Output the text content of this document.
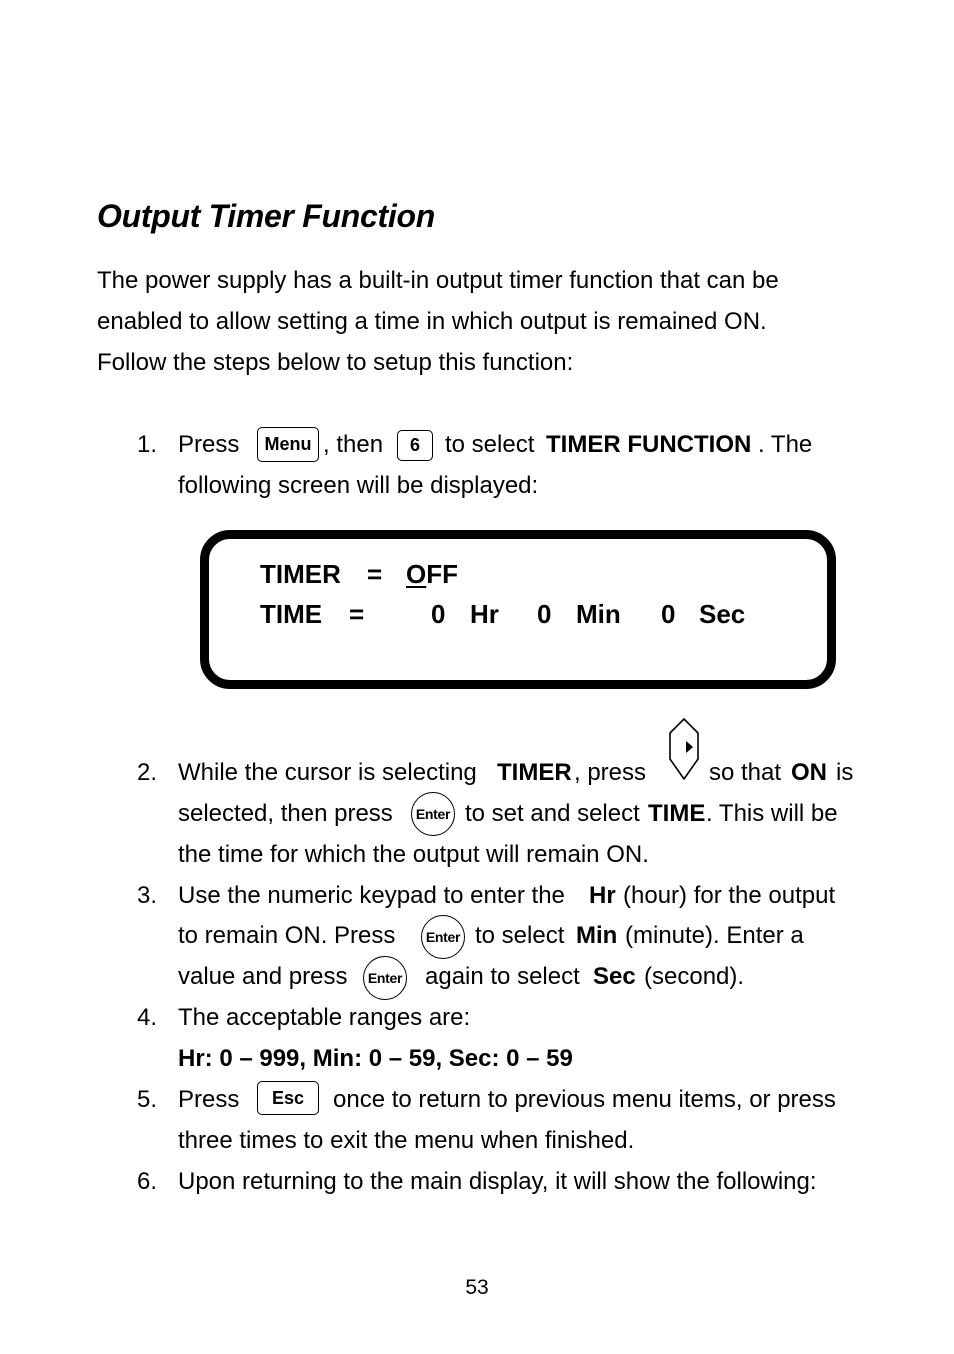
Output Timer Function
The power supply has a built-in output timer function that can be
enabled to allow setting a time in which output is remained ON.
Follow the steps below to setup this function:
1. Press	Menu , then	6	to select TIMER FUNCTION . The
following screen will be displayed:
TIMER = OFF
TIME =	0 Hr 0 Min 0 Sec
2. While the cursor is selecting TIMER , press	so that ON is
selected, then press	Enter to set and select TIME . This will be
the time for which the output will remain ON.
3. Use the numeric keypad to enter the Hr (hour) for the output
to remain ON. Press	Enter to select Min (minute). Enter a
value and press	Enter again to select Sec (second).
4. The acceptable ranges are:
Hr: 0 – 999, Min: 0 – 59, Sec: 0 – 59
5. Press	Esc	once to return to previous menu items, or press
three times to exit the menu when finished.
6. Upon returning to the main display, it will show the following:
53
